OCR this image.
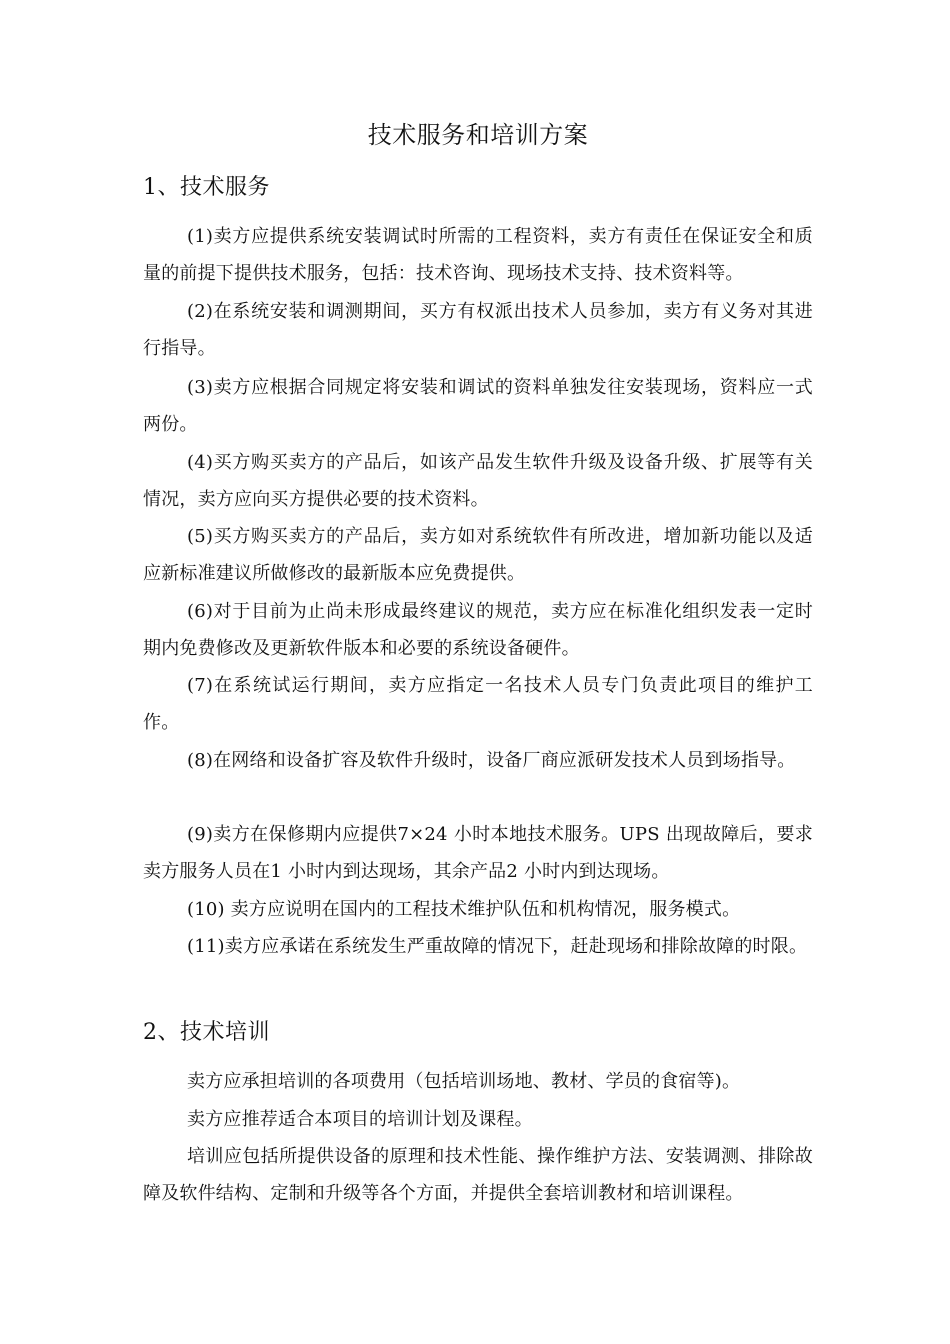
技术服务和培训方案
1、技术服务

(1)卖方应提供系统安装调试时所需的工程资料，卖方有责任在保证安全和质量的前提下提供技术服务，包括：技术咨询、现场技术支持、技术资料等。

(2)在系统安装和调测期间，买方有权派出技术人员参加，卖方有义务对其进行指导。

(3)卖方应根据合同规定将安装和调试的资料单独发往安装现场，资料应一式两份。

(4)买方购买卖方的产品后，如该产品发生软件升级及设备升级、扩展等有关情况，卖方应向买方提供必要的技术资料。

(5)买方购买卖方的产品后，卖方如对系统软件有所改进，增加新功能以及适应新标准建议所做修改的最新版本应免费提供。

(6)对于目前为止尚未形成最终建议的规范，卖方应在标准化组织发表一定时期内免费修改及更新软件版本和必要的系统设备硬件。

(7)在系统试运行期间，卖方应指定一名技术人员专门负责此项目的维护工作。

(8)在网络和设备扩容及软件升级时，设备厂商应派研发技术人员到场指导。

(9)卖方在保修期内应提供7×24 小时本地技术服务。UPS 出现故障后，要求卖方服务人员在1 小时内到达现场，其余产品2 小时内到达现场。

(10) 卖方应说明在国内的工程技术维护队伍和机构情况，服务模式。

(11)卖方应承诺在系统发生严重故障的情况下，赶赴现场和排除故障的时限。

2、技术培训

卖方应承担培训的各项费用（包括培训场地、教材、学员的食宿等)。

卖方应推荐适合本项目的培训计划及课程。

培训应包括所提供设备的原理和技术性能、操作维护方法、安装调测、排除故障及软件结构、定制和升级等各个方面，并提供全套培训教材和培训课程。
